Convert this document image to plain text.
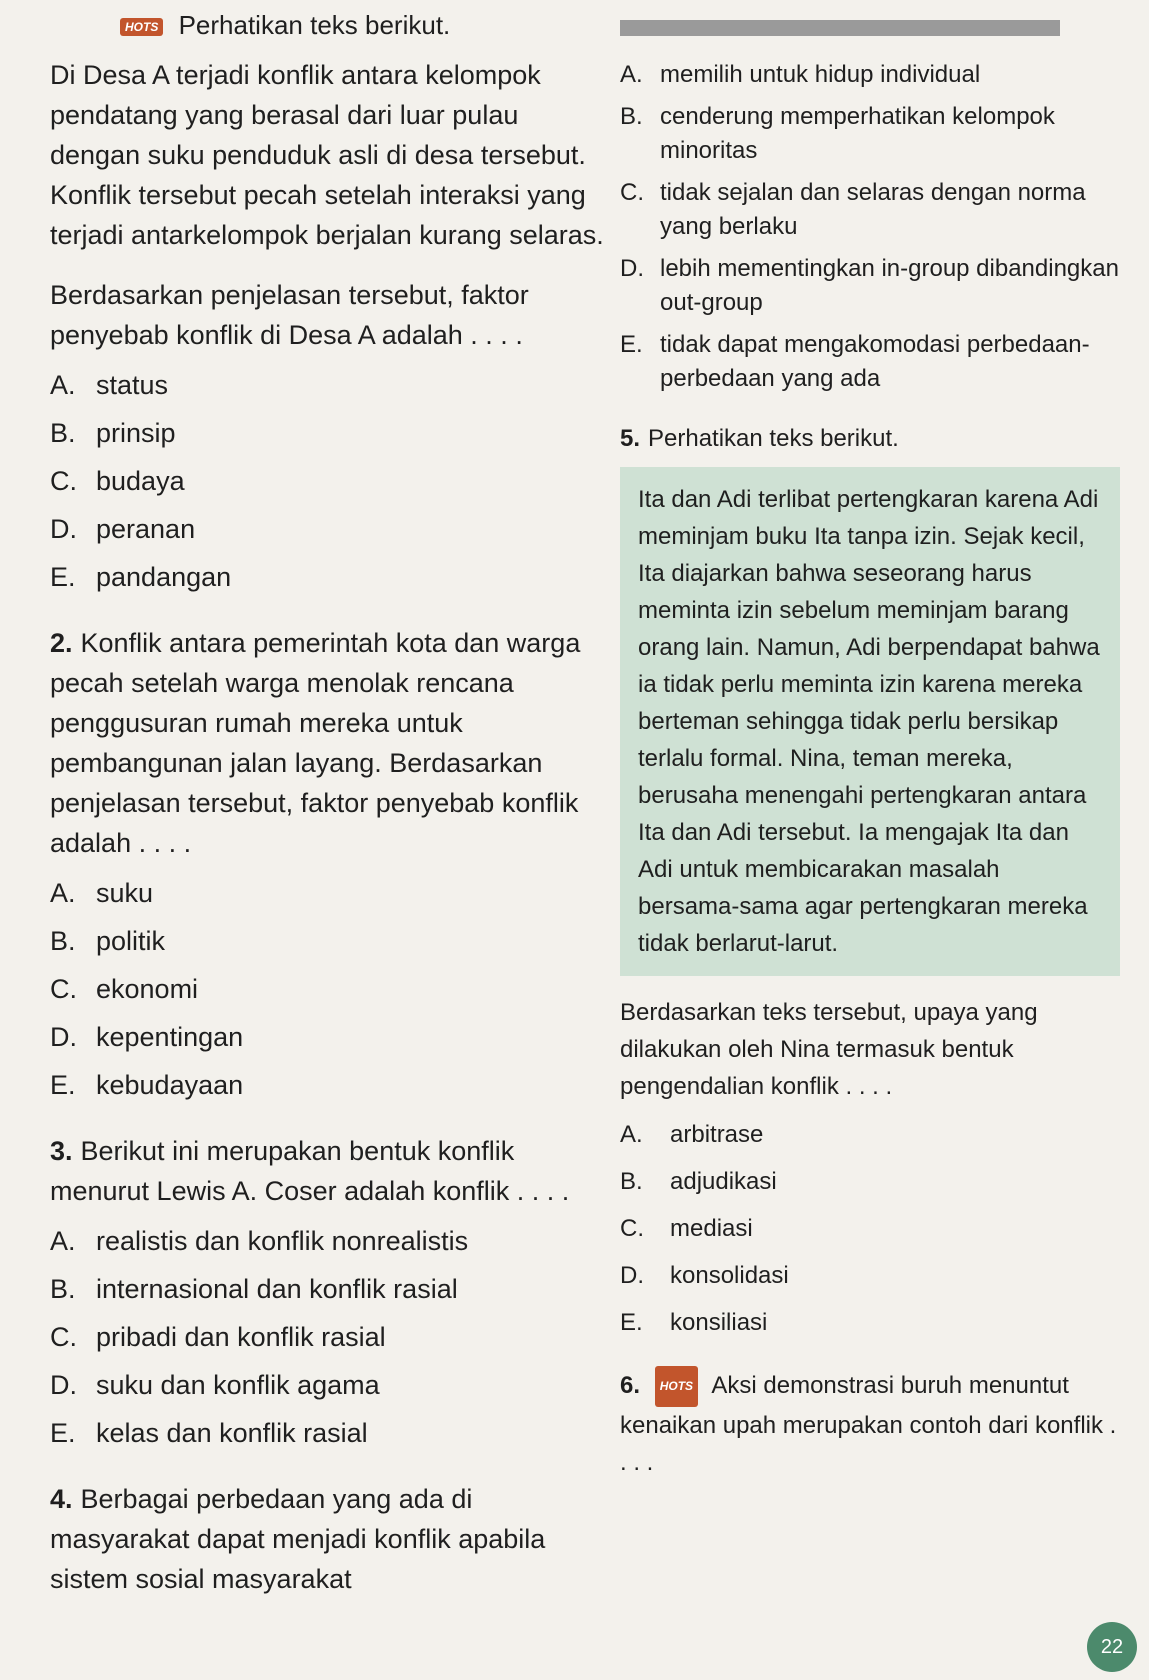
HOTS Perhatikan teks berikut.

Di Desa A terjadi konflik antara kelompok pendatang yang berasal dari luar pulau dengan suku penduduk asli di desa tersebut. Konflik tersebut pecah setelah interaksi yang terjadi antarkelompok berjalan kurang selaras.

Berdasarkan penjelasan tersebut, faktor penyebab konflik di Desa A adalah . . . .

A. status
B. prinsip
C. budaya
D. peranan
E. pandangan

2. Konflik antara pemerintah kota dan warga pecah setelah warga menolak rencana penggusuran rumah mereka untuk pembangunan jalan layang. Berdasarkan penjelasan tersebut, faktor penyebab konflik adalah . . . .

A. suku
B. politik
C. ekonomi
D. kepentingan
E. kebudayaan

3. Berikut ini merupakan bentuk konflik menurut Lewis A. Coser adalah konflik . . . .

A. realistis dan konflik nonrealistis
B. internasional dan konflik rasial
C. pribadi dan konflik rasial
D. suku dan konflik agama
E. kelas dan konflik rasial

4. Berbagai perbedaan yang ada di masyarakat dapat menjadi konflik apabila sistem sosial masyarakat

A. memilih untuk hidup individual
B. cenderung memperhatikan kelompok minoritas
C. tidak sejalan dan selaras dengan norma yang berlaku
D. lebih mementingkan in-group dibandingkan out-group
E. tidak dapat mengakomodasi perbedaan-perbedaan yang ada

5. Perhatikan teks berikut.

Ita dan Adi terlibat pertengkaran karena Adi meminjam buku Ita tanpa izin. Sejak kecil, Ita diajarkan bahwa seseorang harus meminta izin sebelum meminjam barang orang lain. Namun, Adi berpendapat bahwa ia tidak perlu meminta izin karena mereka berteman sehingga tidak perlu bersikap terlalu formal. Nina, teman mereka, berusaha menengahi pertengkaran antara Ita dan Adi tersebut. Ia mengajak Ita dan Adi untuk membicarakan masalah bersama-sama agar pertengkaran mereka tidak berlarut-larut.

Berdasarkan teks tersebut, upaya yang dilakukan oleh Nina termasuk bentuk pengendalian konflik . . . .

A. arbitrase
B. adjudikasi
C. mediasi
D. konsolidasi
E. konsiliasi

6. HOTS Aksi demonstrasi buruh menuntut kenaikan upah merupakan contoh dari konflik . . . .

22
